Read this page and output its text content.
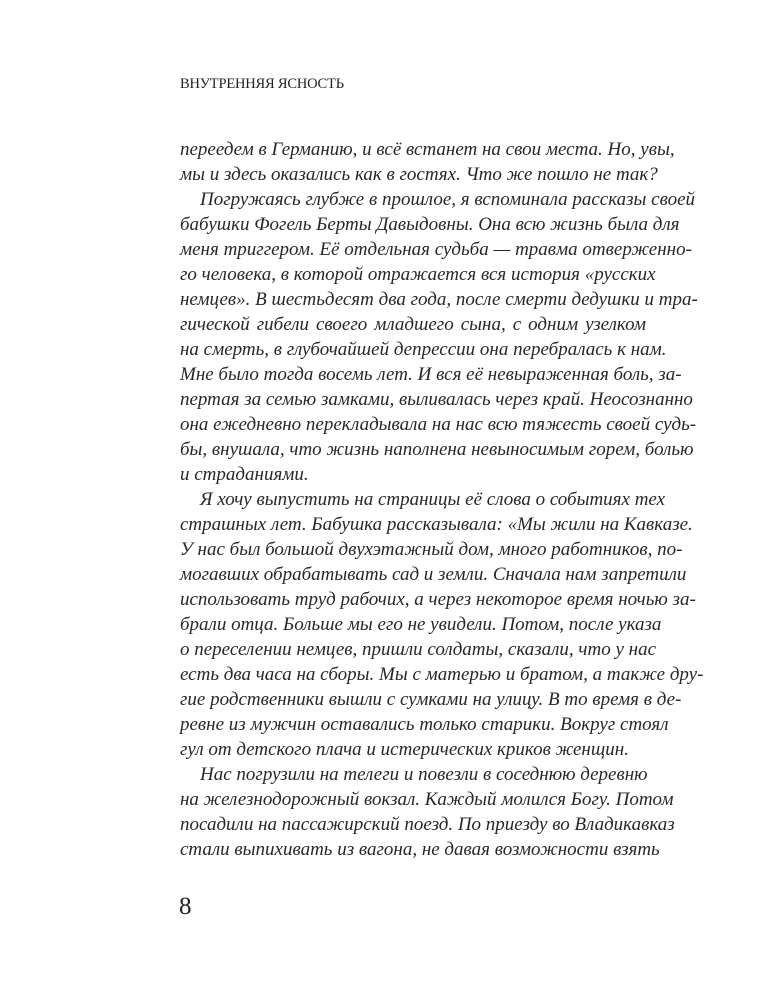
ВНУТРЕННЯЯ ЯСНОСТЬ
переедем в Германию, и всё встанет на свои места. Но, увы,
мы и здесь оказались как в гостях. Что же пошло не так?
Погружаясь глубже в прошлое, я вспоминала рассказы своей
бабушки Фогель Берты Давыдовны. Она всю жизнь была для
меня триггером. Её отдельная судьба — травма отверженно-
го человека, в которой отражается вся история «русских
немцев». В шестьдесят два года, после смерти дедушки и тра-
гической гибели своего младшего сына, с одним узелком
на смерть, в глубочайшей депрессии она перебралась к нам.
Мне было тогда восемь лет. И вся её невыраженная боль, за-
пертая за семью замками, выливалась через край. Неосознанно
она ежедневно перекладывала на нас всю тяжесть своей судь-
бы, внушала, что жизнь наполнена невыносимым горем, болью
и страданиями.
Я хочу выпустить на страницы её слова о событиях тех
страшных лет. Бабушка рассказывала: «Мы жили на Кавказе.
У нас был большой двухэтажный дом, много работников, по-
могавших обрабатывать сад и земли. Сначала нам запретили
использовать труд рабочих, а через некоторое время ночью за-
брали отца. Больше мы его не увидели. Потом, после указа
о переселении немцев, пришли солдаты, сказали, что у нас
есть два часа на сборы. Мы с матерью и братом, а также дру-
гие родственники вышли с сумками на улицу. В то время в де-
ревне из мужчин оставались только старики. Вокруг стоял
гул от детского плача и истерических криков женщин.
Нас погрузили на телеги и повезли в соседнюю деревню
на железнодорожный вокзал. Каждый молился Богу. Потом
посадили на пассажирский поезд. По приезду во Владикавказ
стали выпихивать из вагона, не давая возможности взять
8
